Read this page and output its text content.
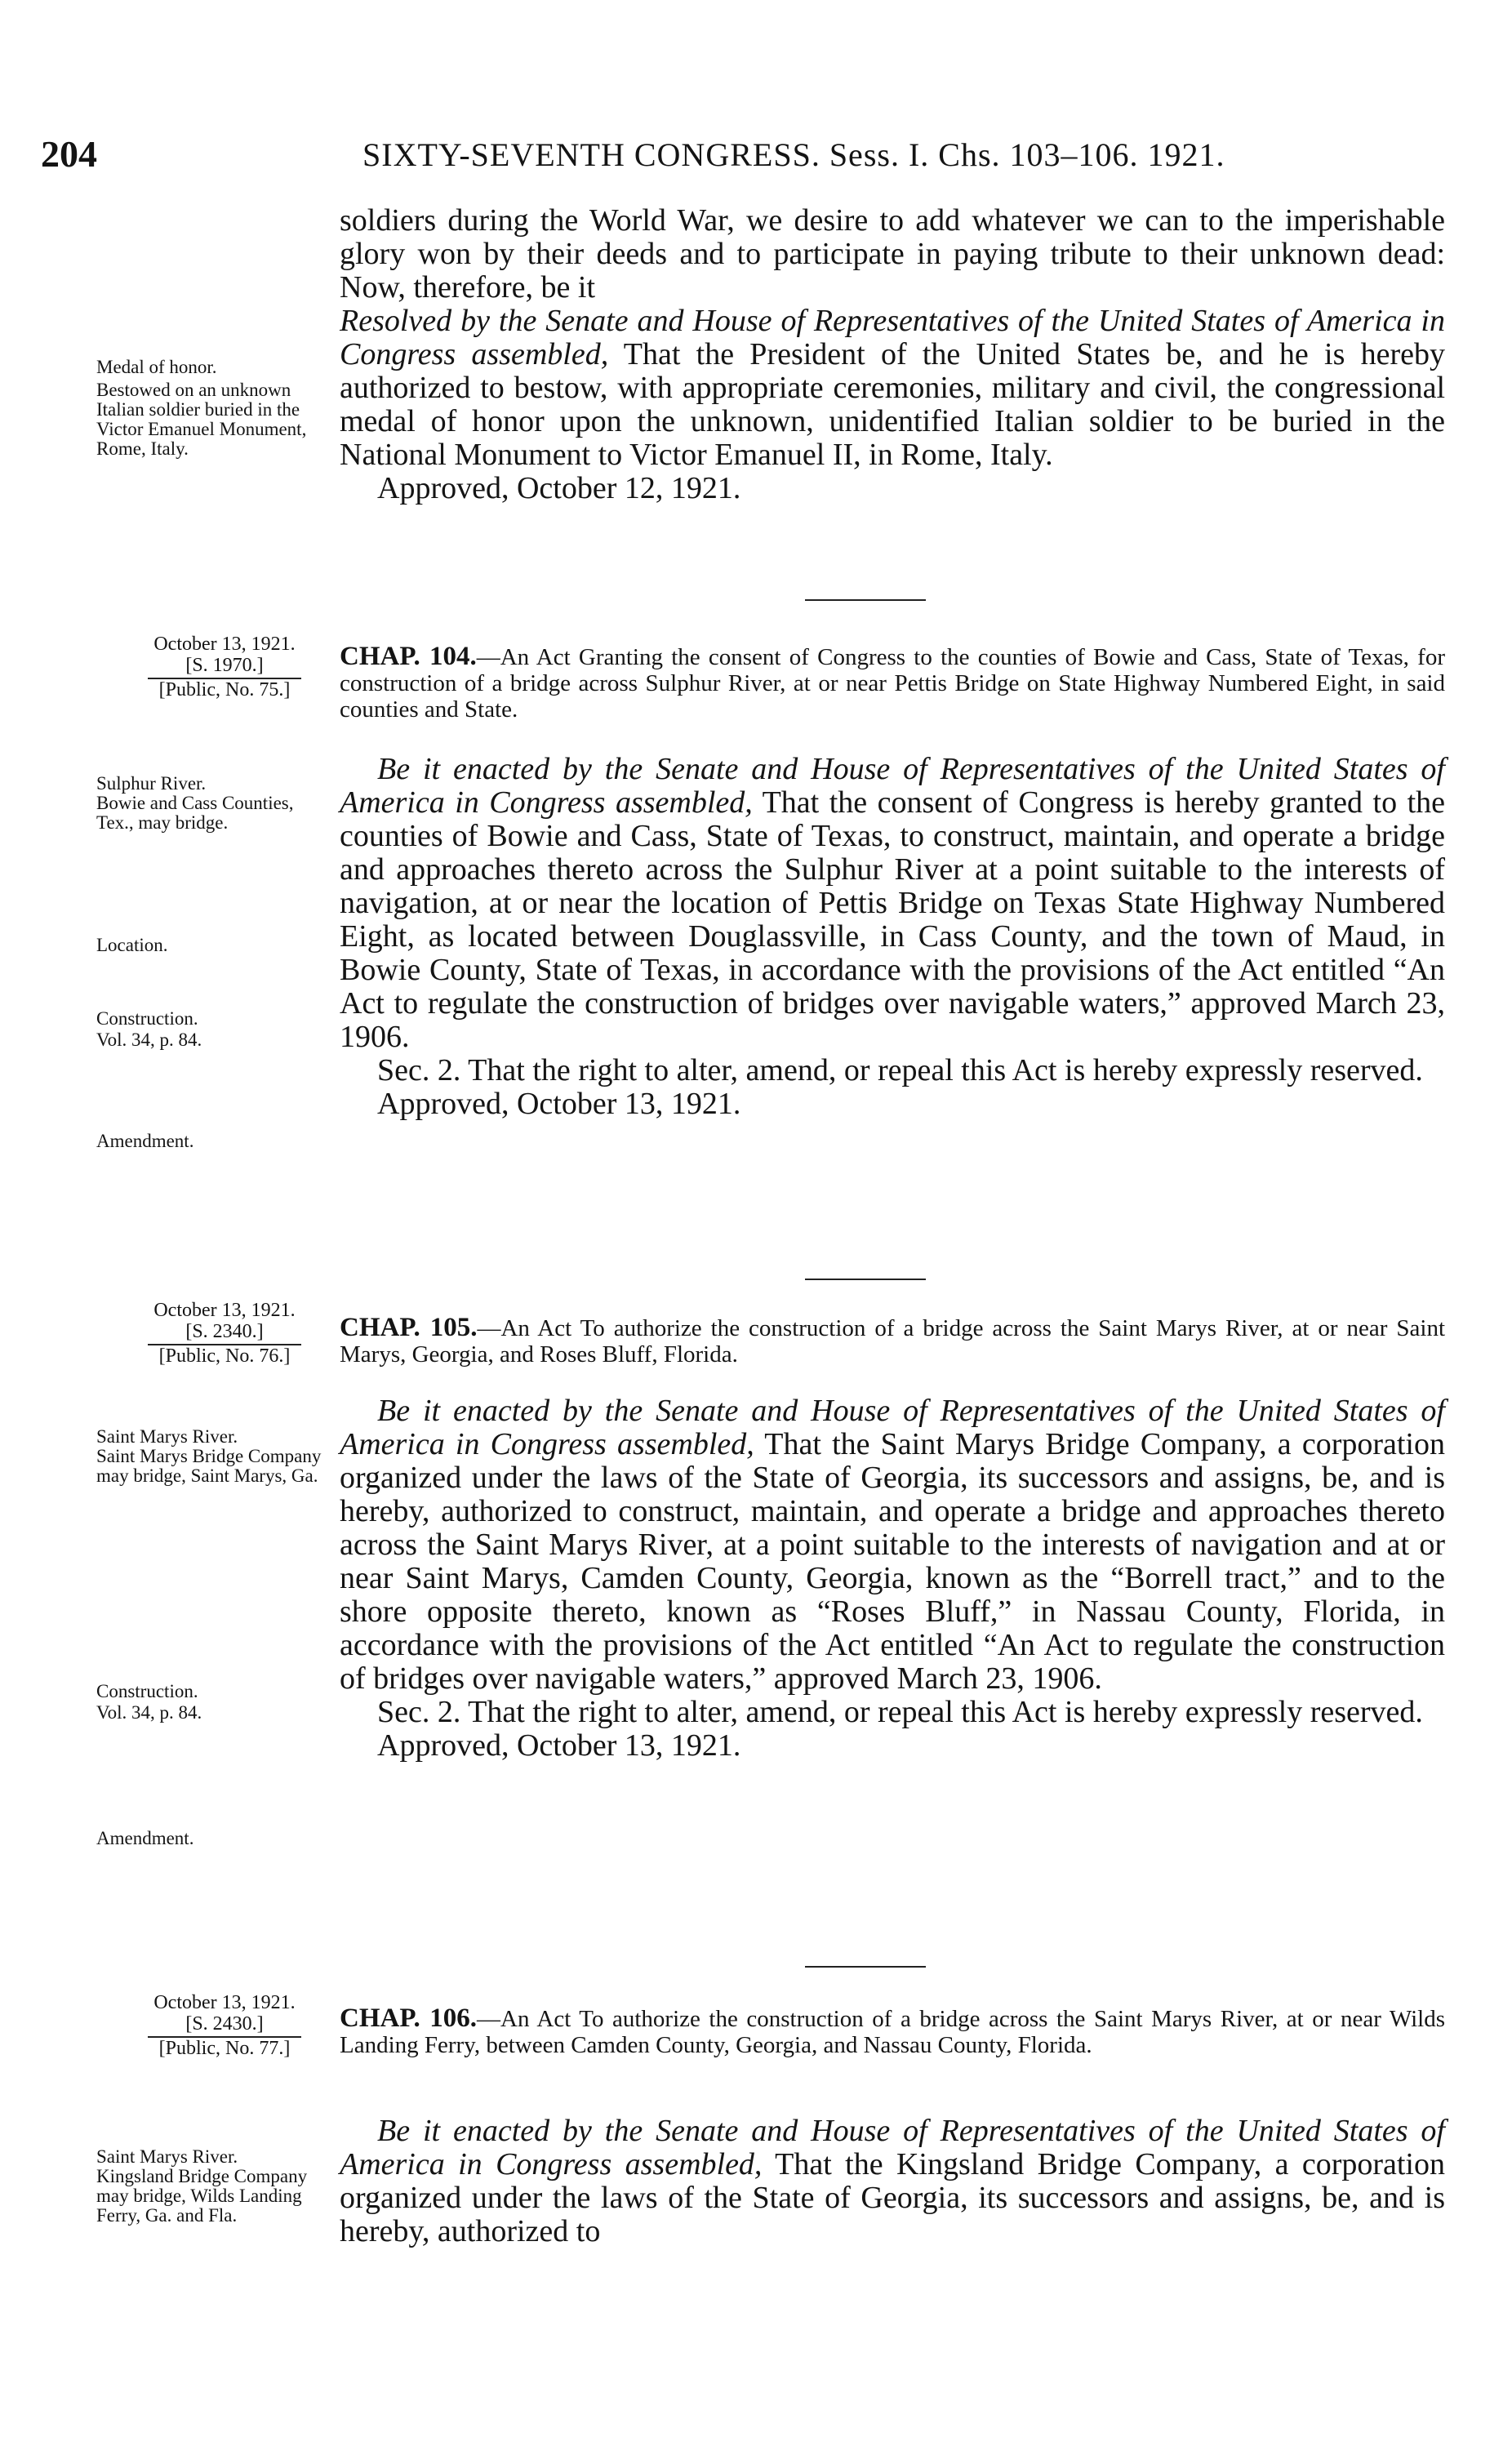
204	SIXTY-SEVENTH CONGRESS. Sess. I. Chs. 103–106. 1921.

soldiers during the World War, we desire to add whatever we can to the imperishable glory won by their deeds and to participate in paying tribute to their unknown dead: Now, therefore, be it

Resolved by the Senate and House of Representatives of the United States of America in Congress assembled, That the President of the United States be, and he is hereby authorized to bestow, with appropriate ceremonies, military and civil, the congressional medal of honor upon the unknown, unidentified Italian soldier to be buried in the National Monument to Victor Emanuel II, in Rome, Italy.

Approved, October 12, 1921.

Medal of honor.
Bestowed on an unknown Italian soldier buried in the Victor Emanuel Monument, Rome, Italy.
October 13, 1921.
[S. 1970.]
[Public, No. 75.]
CHAP. 104.—An Act Granting the consent of Congress to the counties of Bowie and Cass, State of Texas, for construction of a bridge across Sulphur River, at or near Pettis Bridge on State Highway Numbered Eight, in said counties and State.

Be it enacted by the Senate and House of Representatives of the United States of America in Congress assembled, That the consent of Congress is hereby granted to the counties of Bowie and Cass, State of Texas, to construct, maintain, and operate a bridge and approaches thereto across the Sulphur River at a point suitable to the interests of navigation, at or near the location of Pettis Bridge on Texas State Highway Numbered Eight, as located between Douglassville, in Cass County, and the town of Maud, in Bowie County, State of Texas, in accordance with the provisions of the Act entitled “An Act to regulate the construction of bridges over navigable waters,” approved March 23, 1906.

Sec. 2. That the right to alter, amend, or repeal this Act is hereby expressly reserved.

Approved, October 13, 1921.

Sulphur River.
Bowie and Cass Counties, Tex., may bridge.
Location.
Construction.
Vol. 34, p. 84.
Amendment.
October 13, 1921.
[S. 2340.]
[Public, No. 76.]
CHAP. 105.—An Act To authorize the construction of a bridge across the Saint Marys River, at or near Saint Marys, Georgia, and Roses Bluff, Florida.

Be it enacted by the Senate and House of Representatives of the United States of America in Congress assembled, That the Saint Marys Bridge Company, a corporation organized under the laws of the State of Georgia, its successors and assigns, be, and is hereby, authorized to construct, maintain, and operate a bridge and approaches thereto across the Saint Marys River, at a point suitable to the interests of navigation and at or near Saint Marys, Camden County, Georgia, known as the “Borrell tract,” and to the shore opposite thereto, known as “Roses Bluff,” in Nassau County, Florida, in accordance with the provisions of the Act entitled “An Act to regulate the construction of bridges over navigable waters,” approved March 23, 1906.

Sec. 2. That the right to alter, amend, or repeal this Act is hereby expressly reserved.

Approved, October 13, 1921.

Saint Marys River.
Saint Marys Bridge Company may bridge, Saint Marys, Ga.
Construction.
Vol. 34, p. 84.
Amendment.
October 13, 1921.
[S. 2430.]
[Public, No. 77.]
CHAP. 106.—An Act To authorize the construction of a bridge across the Saint Marys River, at or near Wilds Landing Ferry, between Camden County, Georgia, and Nassau County, Florida.

Be it enacted by the Senate and House of Representatives of the United States of America in Congress assembled, That the Kingsland Bridge Company, a corporation organized under the laws of the State of Georgia, its successors and assigns, be, and is hereby, authorized to

Saint Marys River.
Kingsland Bridge Company may bridge, Wilds Landing Ferry, Ga. and Fla.
